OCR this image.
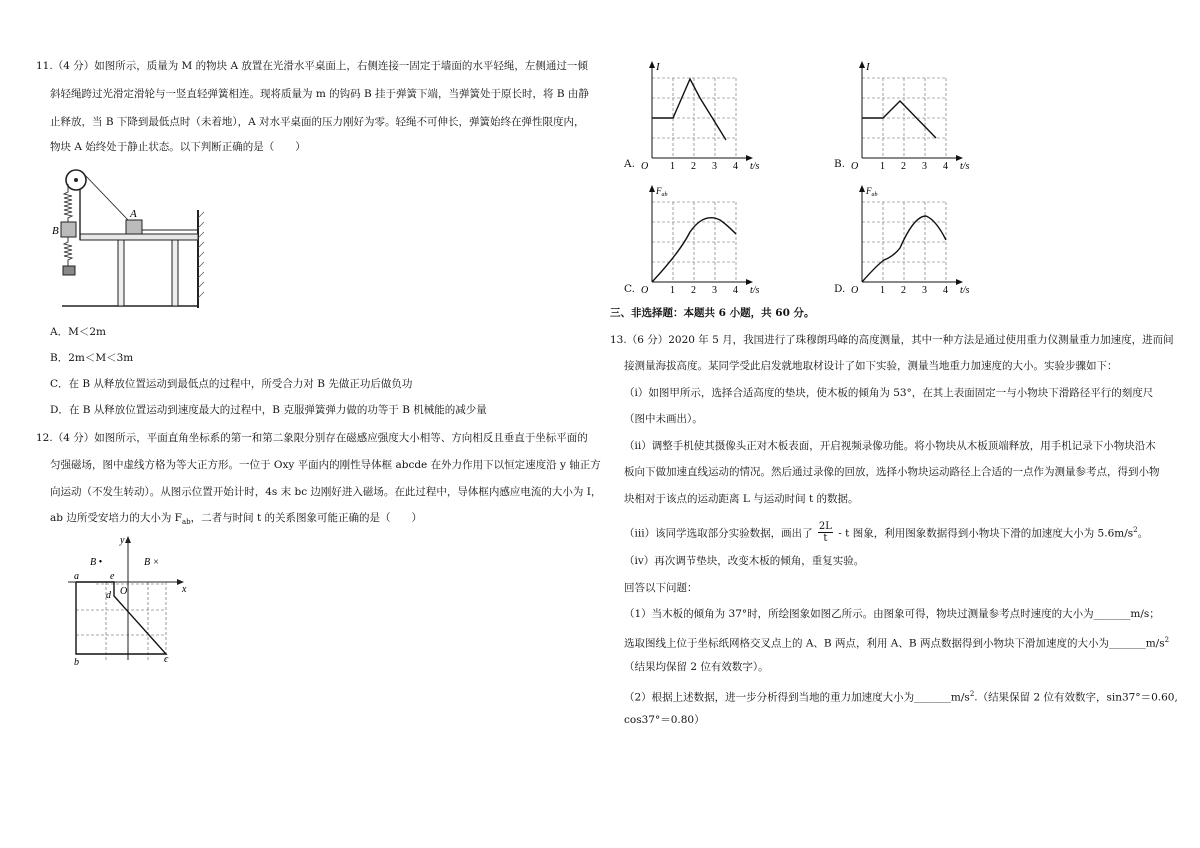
11.（4 分）如图所示，质量为 M 的物块 A 放置在光滑水平桌面上，右侧连接一固定于墙面的水平轻绳，左侧通过一倾
斜轻绳跨过光滑定滑轮与一竖直轻弹簧相连。现将质量为 m 的钩码 B 挂于弹簧下端，当弹簧处于原长时，将 B 由静
止释放，当 B 下降到最低点时（未着地），A 对水平桌面的压力刚好为零。轻绳不可伸长，弹簧始终在弹性限度内，
物块 A 始终处于静止状态。以下判断正确的是（　　）
B
A
A．M＜2m
B．2m＜M＜3m
C．在 B 从释放位置运动到最低点的过程中，所受合力对 B 先做正功后做负功
D．在 B 从释放位置运动到速度最大的过程中，B 克服弹簧弹力做的功等于 B 机械能的减少量
12.（4 分）如图所示，平面直角坐标系的第一和第二象限分别存在磁感应强度大小相等、方向相反且垂直于坐标平面的
匀强磁场，图中虚线方格为等大正方形。一位于 Oxy 平面内的刚性导体框 abcde 在外力作用下以恒定速度沿 y 轴正方
向运动（不发生转动）。从图示位置开始计时，4s 末 bc 边刚好进入磁场。在此过程中，导体框内感应电流的大小为 I，
ab 边所受安培力的大小为 $F_{ab}$，二者与时间 t 的关系图象可能正确的是（　　）
y
x
O
B •	B ×
a	e
d
b	c
A.
I
O 1 2 3 4 t/s	B.
I
O 1 2 3 4 t/s
C.
$F_{ab}$
O 1 2 3 4 t/s	D.
$F_{ab}$
O 1 2 3 4 t/s
三、非选择题：本题共 6 小题，共 60 分。
13.（6 分）2020 年 5 月，我国进行了珠穆朗玛峰的高度测量，其中一种方法是通过使用重力仪测量重力加速度，进而间
接测量海拔高度。某同学受此启发就地取材设计了如下实验，测量当地重力加速度的大小。实验步骤如下：
（i）如图甲所示，选择合适高度的垫块，使木板的倾角为 53°，在其上表面固定一与小物块下滑路径平行的刻度尺
（图中未画出）。
（ii）调整手机使其摄像头正对木板表面，开启视频录像功能。将小物块从木板顶端释放，用手机记录下小物块沿木
板向下做加速直线运动的情况。然后通过录像的回放，选择小物块运动路径上合适的一点作为测量参考点，得到小物
块相对于该点的运动距离 L 与运动时间 t 的数据。
（iii）该同学选取部分实验数据，画出了 $\frac{2L}{t}$ - t 图象，利用图象数据得到小物块下滑的加速度大小为 $5.6m/s^2$。
（iv）再次调节垫块，改变木板的倾角，重复实验。
回答以下问题：
（1）当木板的倾角为 37°时，所绘图象如图乙所示。由图象可得，物块过测量参考点时速度的大小为_______m/s；
选取图线上位于坐标纸网格交叉点上的 A、B 两点，利用 A、B 两点数据得到小物块下滑加速度的大小为$\_\_\_\_\_\_\_m/s^2$
（结果均保留 2 位有效数字）。
（2）根据上述数据，进一步分析得到当地的重力加速度大小为$\_\_\_\_\_\_\_m/s^2$.（结果保留 2 位有效数字，sin37°＝0.60,
cos37°＝0.80）
